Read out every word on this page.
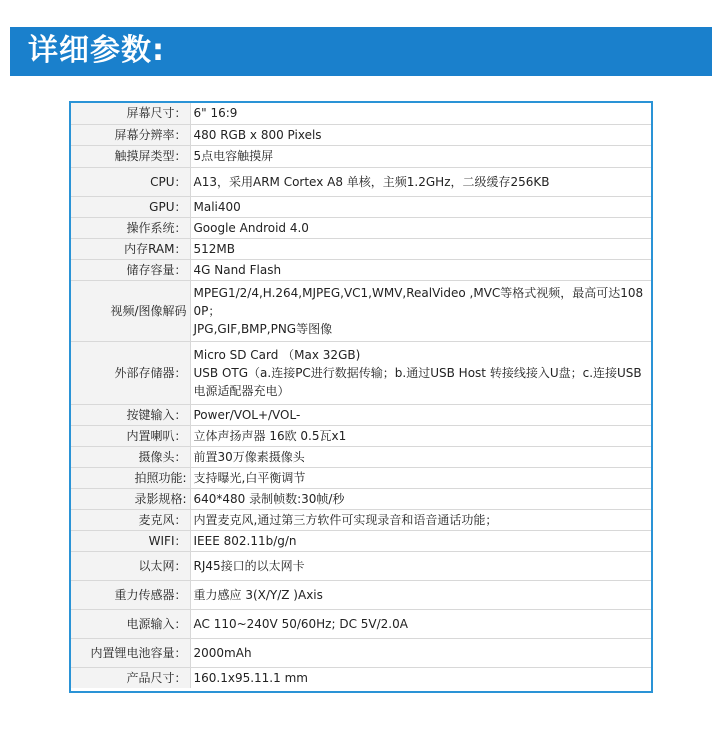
详细参数:
屏幕尺寸：	6" 16:9

屏幕分辨率：	480 RGB x 800 Pixels

触摸屏类型：	5点电容触摸屏

CPU：	A13，采用ARM Cortex A8 单核，主频1.2GHz，二级缓存256KB

GPU：	Mali400

操作系统：	Google Android 4.0

内存RAM：	512MB

储存容量：	4G Nand Flash

视频/图像解码	MPEG1/2/4,H.264,MJPEG,VC1,WMV,RealVideo ,MVC等格式视频，最高可达1080P；
JPG,GIF,BMP,PNG等图像

外部存储器：	Micro SD Card （Max 32GB)
USB OTG（a.连接PC进行数据传输；b.通过USB Host 转接线接入U盘；c.连接USB 电源适配器充电）

按键输入：	Power/VOL+/VOL-

内置喇叭：	立体声扬声器 16欧 0.5瓦x1

摄像头：	前置30万像素摄像头

拍照功能:	支持曝光,白平衡调节

录影规格:	640*480 录制帧数:30帧/秒

麦克风：	内置麦克风,通过第三方软件可实现录音和语音通话功能；

WIFI：	IEEE 802.11b/g/n

以太网：	RJ45接口的以太网卡

重力传感器：	重力感应 3(X/Y/Z )Axis

电源输入：	AC 110~240V 50/60Hz; DC 5V/2.0A

内置锂电池容量：	2000mAh

产品尺寸：	160.1x95.11.1 mm
